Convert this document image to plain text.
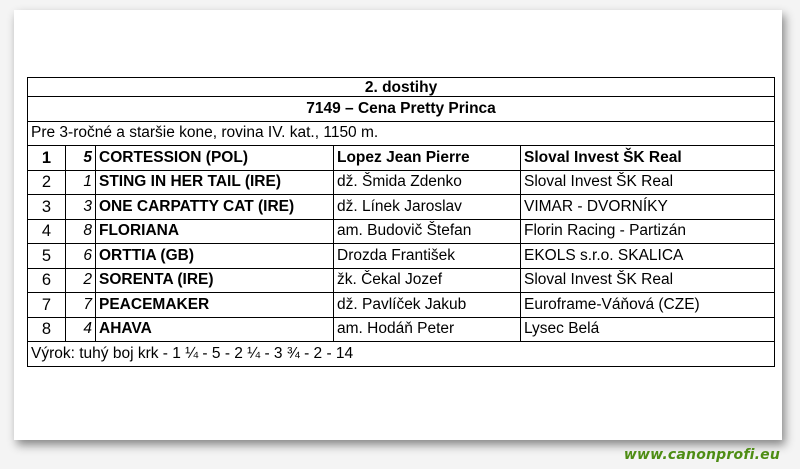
2. dostihy				
7149 – Cena Pretty Princa				
Pre 3-ročné a staršie kone, rovina IV. kat., 1150 m.				
1	5	CORTESSION (POL)	Lopez Jean Pierre	Sloval Invest ŠK Real
2	1	STING IN HER TAIL (IRE)	dž. Šmida Zdenko	Sloval Invest ŠK Real
3	3	ONE CARPATTY CAT (IRE)	dž. Línek Jaroslav	VIMAR - DVORNÍKY
4	8	FLORIANA	am. Budovič Štefan	Florin Racing - Partizán
5	6	ORTTIA (GB)	Drozda František	EKOLS s.r.o. SKALICA
6	2	SORENTA (IRE)	žk. Čekal Jozef	Sloval Invest ŠK Real
7	7	PEACEMAKER	dž. Pavlíček Jakub	Euroframe-Váňová (CZE)
8	4	AHAVA	am. Hodáň Peter	Lysec Belá
Výrok: tuhý boj krk - 1 ¼ - 5 - 2 ¼ - 3 ¾ - 2 - 14				
www.canonprofi.eu
